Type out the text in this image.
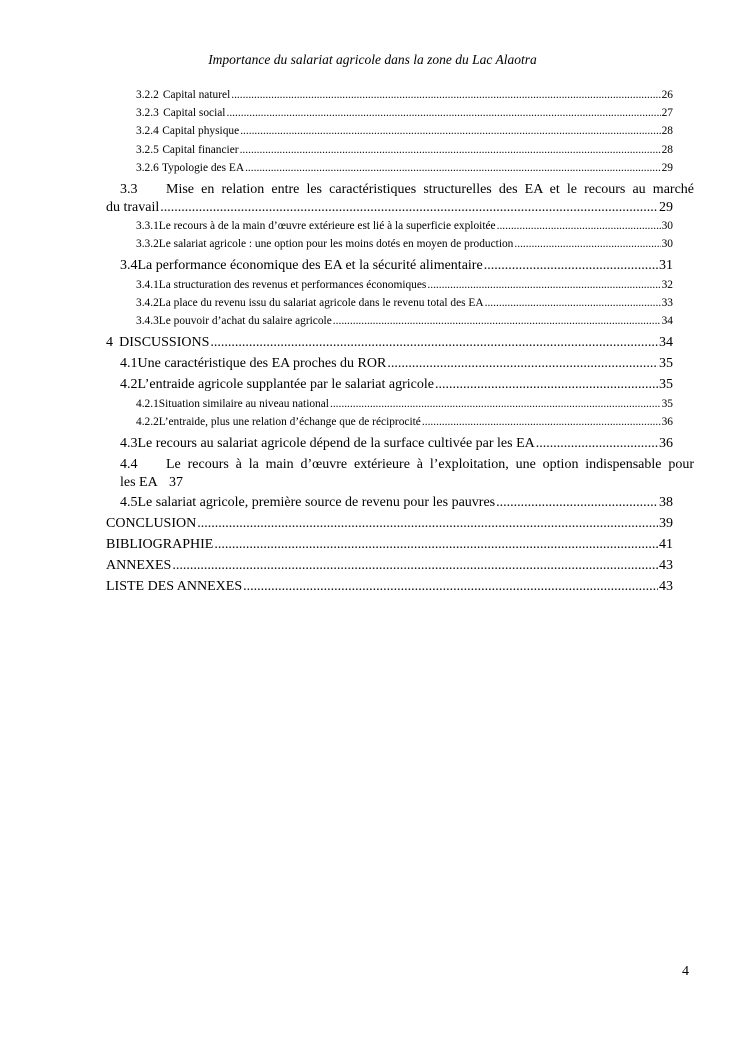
Importance du salariat agricole dans la zone du Lac Alaotra
3.2.2 Capital naturel .....	26
3.2.3 Capital social .....	27
3.2.4 Capital physique .....	28
3.2.5 Capital financier .....	28
3.2.6 Typologie des EA .....	29
3.3	Mise en relation entre les caractéristiques structurelles des EA et le recours au marché
du travail .....	29
3.3.1 Le recours à de la main d’œuvre extérieure est lié à la superficie exploitée .....	30
3.3.2 Le salariat agricole : une option pour les moins dotés en moyen de production .....	30
3.4 La performance économique des EA et la sécurité alimentaire .....	31
3.4.1 La structuration des revenus et performances économiques .....	32
3.4.2 La place du revenu issu du salariat agricole dans le revenu total des EA .....	33
3.4.3 Le pouvoir d’achat du salaire agricole .....	34
4 DISCUSSIONS .....	34
4.1 Une caractéristique des EA proches du ROR .....	35
4.2 L’entraide agricole supplantée par le salariat agricole .....	35
4.2.1 Situation similaire au niveau national .....	35
4.2.2 L’entraide, plus une relation d’échange que de réciprocité .....	36
4.3 Le recours au salariat agricole dépend de la surface cultivée par les EA .....	36
4.4	Le recours à la main d’œuvre extérieure à l’exploitation, une option indispensable pour
les EA 37
4.5 Le salariat agricole, première source de revenu pour les pauvres .....	38
CONCLUSION .....	39
BIBLIOGRAPHIE .....	41
ANNEXES .....	43
LISTE DES ANNEXES .....	43
4
